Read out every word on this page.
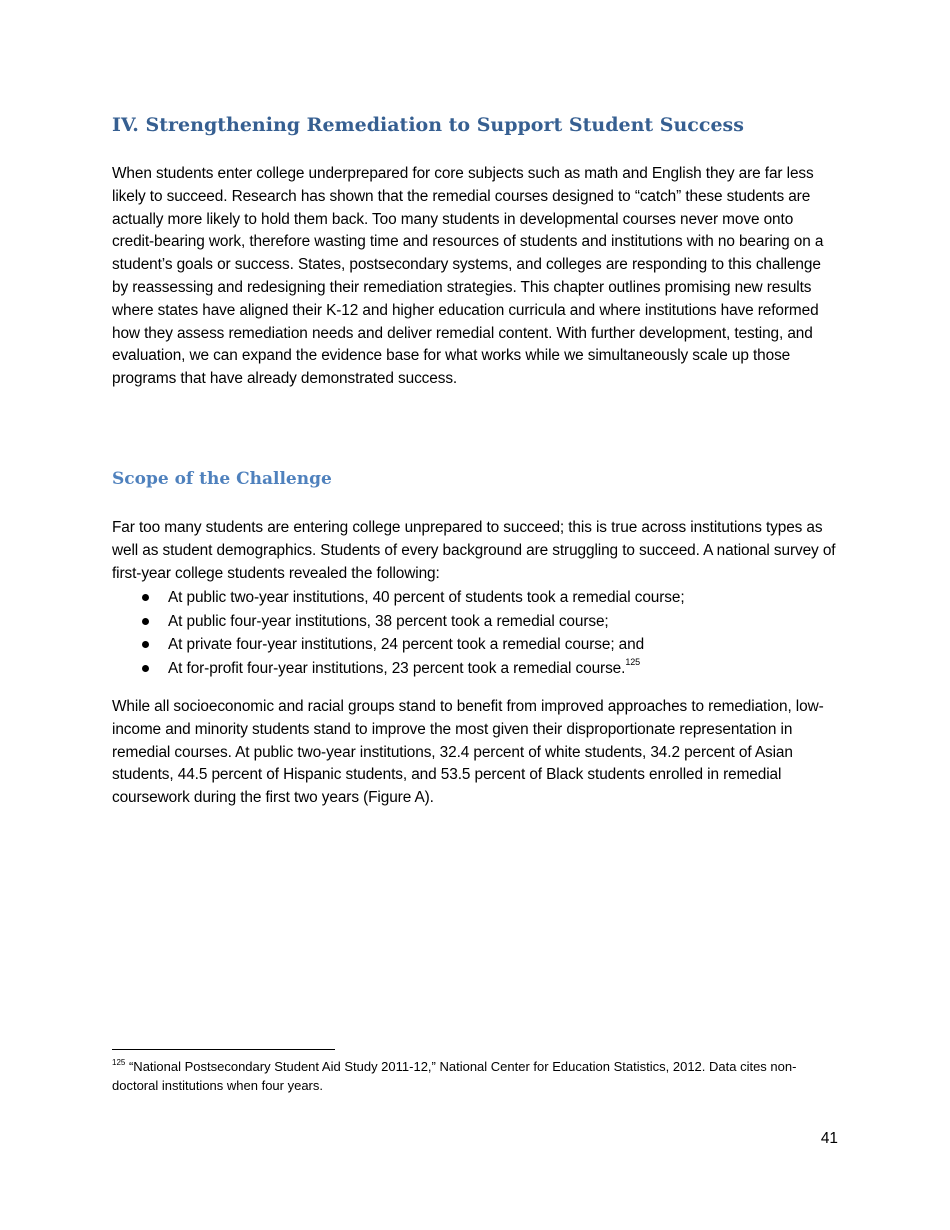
IV. Strengthening Remediation to Support Student Success

When students enter college underprepared for core subjects such as math and English they are far less likely to succeed. Research has shown that the remedial courses designed to “catch” these students are actually more likely to hold them back. Too many students in developmental courses never move onto credit-bearing work, therefore wasting time and resources of students and institutions with no bearing on a student’s goals or success. States, postsecondary systems, and colleges are responding to this challenge by reassessing and redesigning their remediation strategies. This chapter outlines promising new results where states have aligned their K-12 and higher education curricula and where institutions have reformed how they assess remediation needs and deliver remedial content. With further development, testing, and evaluation, we can expand the evidence base for what works while we simultaneously scale up those programs that have already demonstrated success.

Scope of the Challenge

Far too many students are entering college unprepared to succeed; this is true across institutions types as well as student demographics. Students of every background are struggling to succeed. A national survey of first-year college students revealed the following:

At public two-year institutions, 40 percent of students took a remedial course;
At public four-year institutions, 38 percent took a remedial course;
At private four-year institutions, 24 percent took a remedial course; and
At for-profit four-year institutions, 23 percent took a remedial course.$^{125}$

While all socioeconomic and racial groups stand to benefit from improved approaches to remediation, low-income and minority students stand to improve the most given their disproportionate representation in remedial courses. At public two-year institutions, 32.4 percent of white students, 34.2 percent of Asian students, 44.5 percent of Hispanic students, and 53.5 percent of Black students enrolled in remedial coursework during the first two years (Figure A).

$^{125}$ “National Postsecondary Student Aid Study 2011-12,” National Center for Education Statistics, 2012. Data cites non-doctoral institutions when four years.
41
